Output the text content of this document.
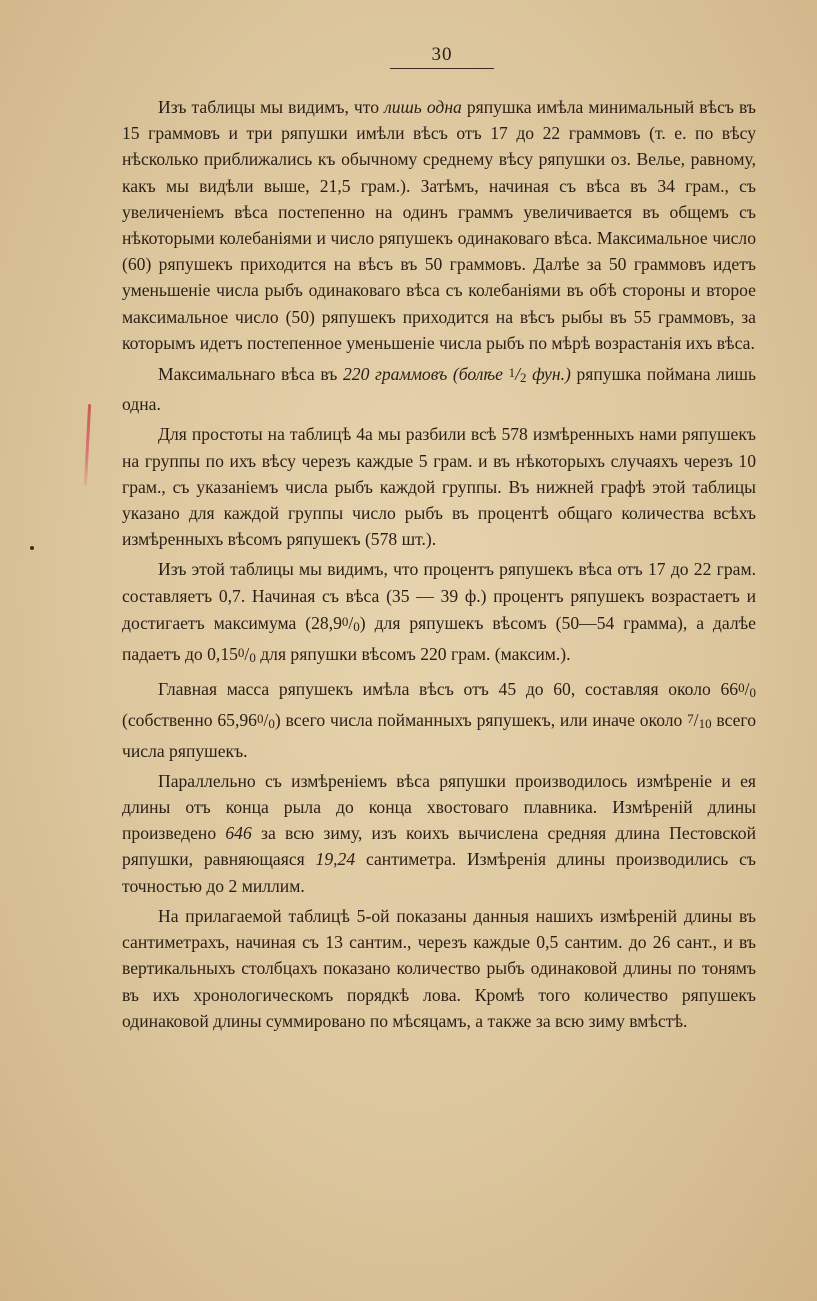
30

Изъ таблицы мы видимъ, что лишь одна ряпушка имѣла минимальный вѣсъ въ 15 граммовъ и три ряпушки имѣли вѣсъ отъ 17 до 22 граммовъ (т. е. по вѣсу нѣсколько приближались къ обычному среднему вѣсу ряпушки оз. Велье, равному, какъ мы видѣли выше, 21,5 грам.). Затѣмъ, начиная съ вѣса въ 34 грам., съ увеличеніемъ вѣса постепенно на одинъ граммъ увеличивается въ общемъ съ нѣкоторыми колебаніями и число ряпушекъ одинаковаго вѣса. Максимальное число (60) ряпушекъ приходится на вѣсъ въ 50 граммовъ. Далѣе за 50 граммовъ идетъ уменьшеніе числа рыбъ одинаковаго вѣса съ колебаніями въ обѣ стороны и второе максимальное число (50) ряпушекъ приходится на вѣсъ рыбы въ 55 граммовъ, за которымъ идетъ постепенное уменьшеніе числа рыбъ по мѣрѣ возрастанія ихъ вѣса.

Максимальнаго вѣса въ 220 граммовъ (болѣе 1/2 фун.) ряпушка поймана лишь одна.

Для простоты на таблицѣ 4а мы разбили всѣ 578 измѣренныхъ нами ряпушекъ на группы по ихъ вѣсу черезъ каждые 5 грам. и въ нѣкоторыхъ случаяхъ черезъ 10 грам., съ указаніемъ числа рыбъ каждой группы. Въ нижней графѣ этой таблицы указано для каждой группы число рыбъ въ процентѣ общаго количества всѣхъ измѣренныхъ вѣсомъ ряпушекъ (578 шт.).

Изъ этой таблицы мы видимъ, что процентъ ряпушекъ вѣса отъ 17 до 22 грам. составляетъ 0,7. Начиная съ вѣса (35 — 39 ф.) процентъ ряпушекъ возрастаетъ и достигаетъ максимума (28,90/0) для ряпушекъ вѣсомъ (50—54 грамма), а далѣе падаетъ до 0,150/0 для ряпушки вѣсомъ 220 грам. (максим.).

Главная масса ряпушекъ имѣла вѣсъ отъ 45 до 60, составляя около 660/0 (собственно 65,960/0) всего числа пойманныхъ ряпушекъ, или иначе около 7/10 всего числа ряпушекъ.

Параллельно съ измѣреніемъ вѣса ряпушки производилось измѣреніе и ея длины отъ конца рыла до конца хвостоваго плавника. Измѣреній длины произведено 646 за всю зиму, изъ коихъ вычислена средняя длина Пестовской ряпушки, равняющаяся 19,24 сантиметра. Измѣренія длины производились съ точностью до 2 миллим.

На прилагаемой таблицѣ 5-ой показаны данныя нашихъ измѣреній длины въ сантиметрахъ, начиная съ 13 сантим., черезъ каждые 0,5 сантим. до 26 сант., и въ вертикальныхъ столбцахъ показано количество рыбъ одинаковой длины по тонямъ въ ихъ хронологическомъ порядкѣ лова. Кромѣ того количество ряпушекъ одинаковой длины суммировано по мѣсяцамъ, а также за всю зиму вмѣстѣ.
